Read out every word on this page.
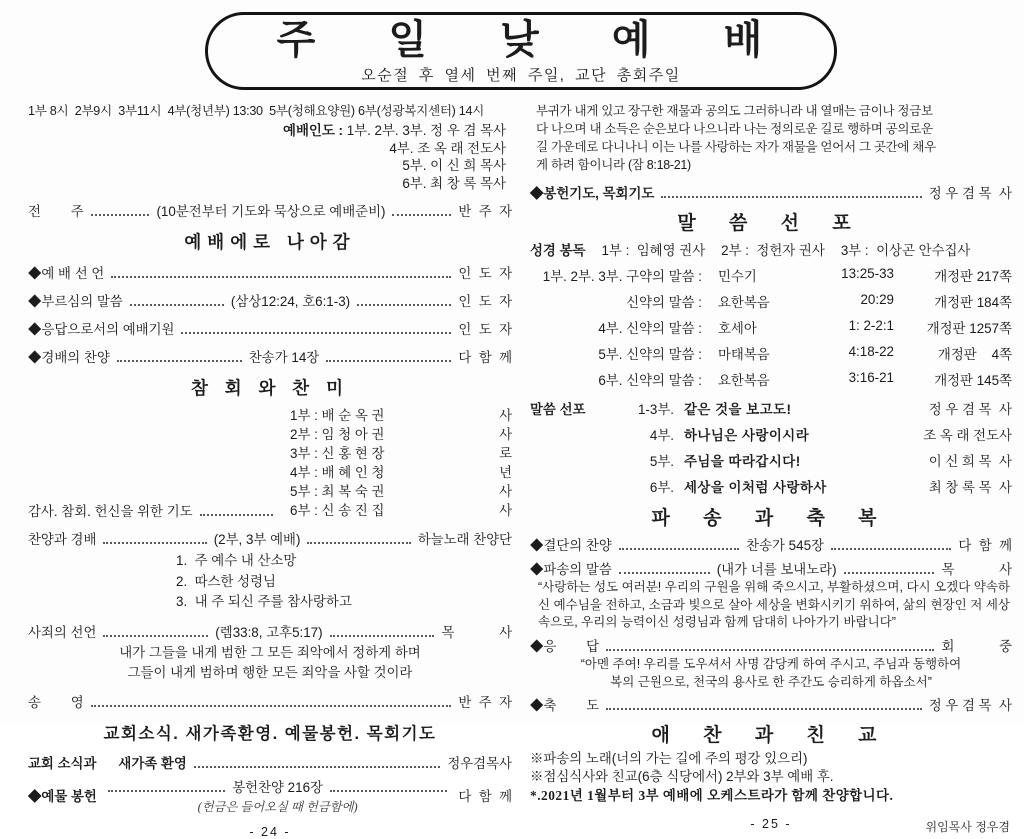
주 일 낮 예 배
오순절 후 열세 번째 주일, 교단 총회주일
1부 8시  2부9시  3부11시  4부(청년부) 13:30  5부(청해요양원) 6부(성광복지센터) 14시
예배인도 : 1부. 2부. 3부. 정 우 겸 목사
4부. 조 옥 래 전도사
5부. 이 신 희 목사
6부. 최 창 록 목사
전        주	(10분전부터 기도와 묵상으로 예배준비)	반  주  자
예배에로 나아감
◆예 배 선 언	인  도  자
◆부르심의 말씀	(삼상12:24, 호6:1-3)	인  도  자
◆응답으로서의 예배기원	인  도  자
◆경배의 찬양	찬송가 14장	다  함  께
참 회 와 찬 미
감사. 참회. 헌신을 위한 기도
1부 : 배 순 옥 권	사
2부 : 임 청 아 권	사
3부 : 신 홍 현 장	로
4부 : 배 혜 인 청	년
5부 : 최 복 숙 권	사
6부 : 신 송 진 집	사
찬양과 경배	(2부, 3부 예배)	하늘노래 찬양단
1.  주 예수 내 산소망
2.  따스한 성령님
3.  내 주 되신 주를 참사랑하고
사죄의 선언	(렘33:8, 고후5:17)	목            사
내가 그들을 내게 범한 그 모든 죄악에서 정하게 하며
그들이 내게 범하며 행한 모든 죄악을 사할 것이라
송        영	반  주  자
교회소식. 새가족환영. 예물봉헌. 목회기도
교회 소식과 새가족 환영	정우겸목사
◆예물 봉헌
봉헌찬양 216장
(헌금은 들어오실 때 헌금함에)
다  함  께
- 24 -
부귀가 내게 있고 장구한 재물과 공의도 그러하니라 내 열매는 금이나 정금보
다 나으며 내 소득은 순은보다 나으니라 나는 정의로운 길로 행하며 공의로운
길 가운데로 다니나니 이는 나를 사랑하는 자가 재물을 얻어서 그 곳간에 채우
게 하려 함이니라 (잠 8:18-21)
◆봉헌기도, 목회기도	정 우 겸 목  사
말 씀 선 포
성경 봉독 1부 :  임혜영 권사 2부 :  정헌자 권사 3부 :  이상곤 안수집사
1부. 2부. 3부. 구약의 말씀 :	민수기	13:25-33	개정판 217쪽
신약의 말씀 :	요한복음	20:29	개정판 184쪽
4부. 신약의 말씀 :	호세아	1: 2-2:1	개정판 1257쪽
5부. 신약의 말씀 :	마태복음	4:18-22	개정판    4쪽
6부. 신약의 말씀 :	요한복음	3:16-21	개정판 145쪽
말씀 선포	1-3부. 같은 것을 보고도!	정 우 겸 목  사
4부. 하나님은 사랑이시라	조 옥 래 전도사
5부. 주님을 따라갑시다!	이 신 희 목  사
6부. 세상을 이처럼 사랑하사	최 창 록 목  사
파 송 과 축 복
◆결단의 찬양	찬송가 545장	다  함  께
◆파송의 말씀	(내가 너를 보내노라)	목            사
“사랑하는 성도 여러분! 우리의 구원을 위해 죽으시고, 부활하셨으며, 다시 오겠다 약속하신 예수님을 전하고, 소금과 빛으로 살아 세상을 변화시키기 위하여, 삶의 현장인 저 세상 속으로, 우리의 능력이신 성령님과 함께 담대히 나아가기 바랍니다”
◆응        답	회            중
“아멘 주여! 우리를 도우셔서 사명 감당케 하여 주시고, 주님과 동행하여
복의 근원으로, 천국의 용사로 한 주간도 승리하게 하옵소서”
◆축        도	정 우 겸 목  사
애 찬 과 친 교
※파송의 노래(너의 가는 길에 주의 평강 있으리)
※점심식사와 친교(6층 식당에서) 2부와 3부 예배 후.
*.2021년 1월부터 3부 예배에 오케스트라가 함께 찬양합니다.
- 25 -	위임목사 정우겸
